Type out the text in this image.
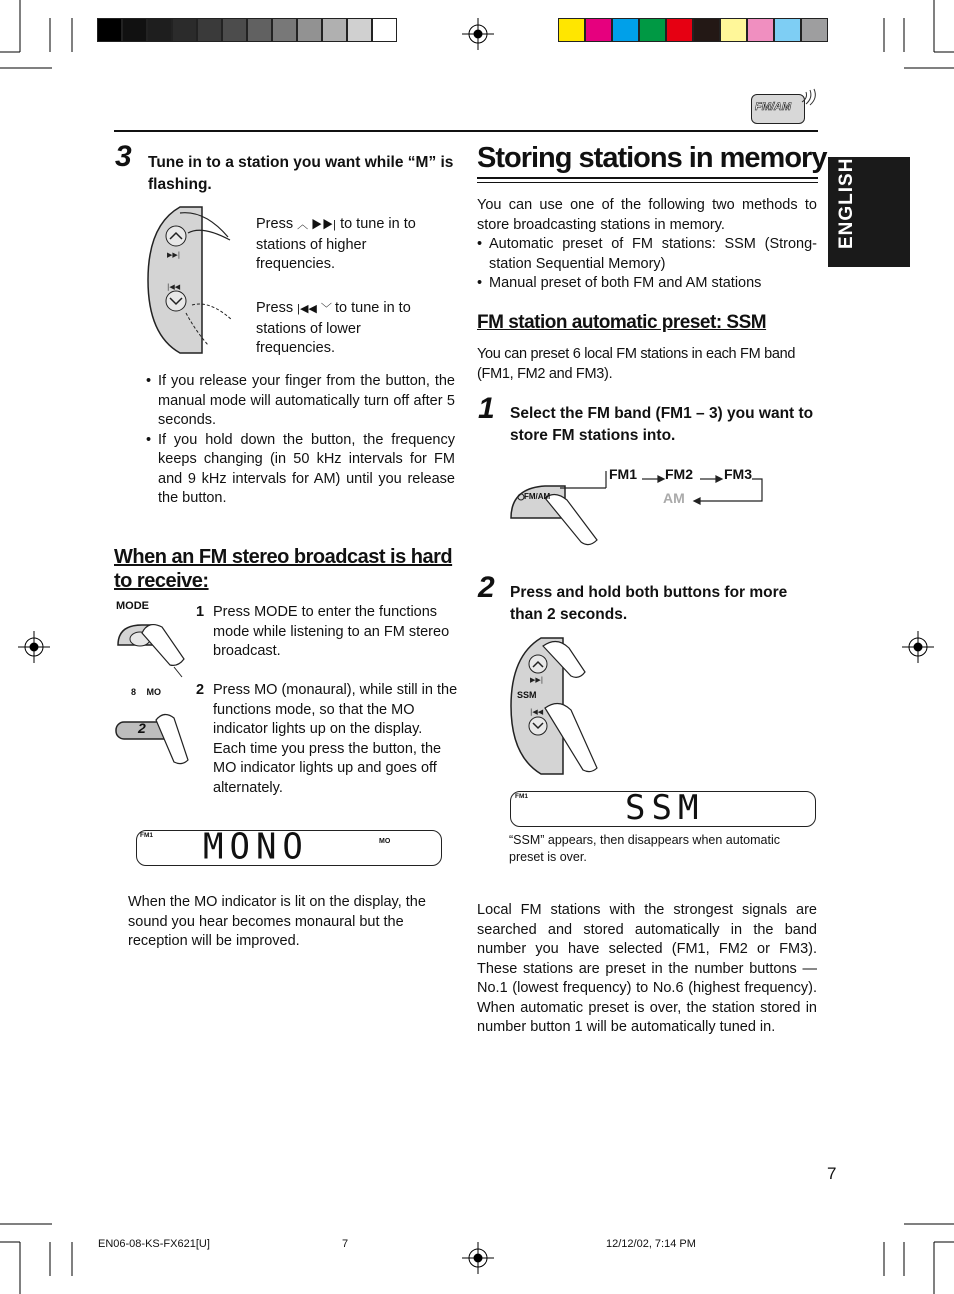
FM/AM
ENGLISH
3 Tune in to a station you want while “M” is flashing.
▶▶|
|◀◀
Press ︿ ▶▶| to tune in to stations of higher frequencies.
Press |◀◀ ﹀ to tune in to stations of lower frequencies.
• If you release your finger from the button, the manual mode will automatically turn off after 5 seconds.
• If you hold down the button, the frequency keeps changing (in 50 kHz intervals for FM and 9 kHz intervals for AM) until you release the button.
When an FM stereo broadcast is hard to receive:
MODE
8 MO
2
1 Press MODE to enter the functions mode while listening to an FM stereo broadcast.
2 Press MO (monaural), while still in the functions mode, so that the MO indicator lights up on the display. Each time you press the button, the MO indicator lights up and goes off alternately.
FM1 MONO	MO
When the MO indicator is lit on the display, the sound you hear becomes monaural but the reception will be improved.
Storing stations in memory
You can use one of the following two methods to store broadcasting stations in memory.
• Automatic preset of FM stations: SSM (Strong-station Sequential Memory)
• Manual preset of both FM and AM stations
FM station automatic preset: SSM
You can preset 6 local FM stations in each FM band (FM1, FM2 and FM3).
1 Select the FM band (FM1 – 3) you want to store FM stations into.
FM/AM
FM1 FM2 FM3
AM
2 Press and hold both buttons for more than 2 seconds.
▶▶|
|◀◀
SSM
FM1	SSM
“SSM” appears, then disappears when automatic preset is over.
Local FM stations with the strongest signals are searched and stored automatically in the band number you have selected (FM1, FM2 or FM3). These stations are preset in the number buttons — No.1 (lowest frequency) to No.6 (highest frequency). When automatic preset is over, the station stored in number button 1 will be automatically tuned in.
7
EN06-08-KS-FX621[U]	7	12/12/02, 7:14 PM
